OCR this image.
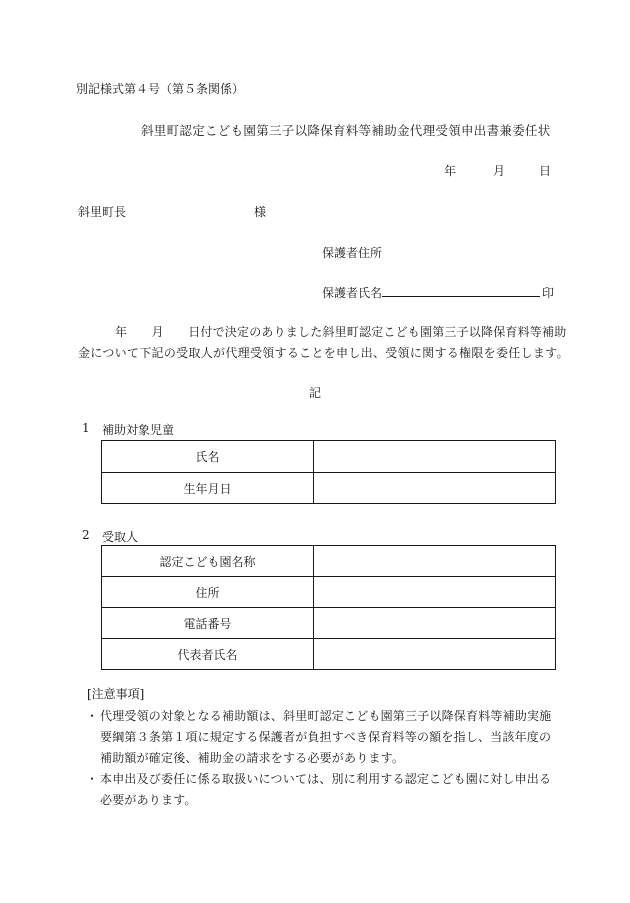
別記様式第４号（第５条関係）
斜里町認定こども園第三子以降保育料等補助金代理受領申出書兼委任状
年	月	日
斜里町長	様
保護者住所
保護者氏名	印
年　　月　　日付で決定のありました斜里町認定こども園第三子以降保育料等補助
金について下記の受取人が代理受領することを申し出、受領に関する権限を委任します。
記
1 補助対象児童
氏名	
生年月日	
2 受取人
認定こども園名称	
住所	
電話番号	
代表者氏名	
[注意事項]
・ 代理受領の対象となる補助額は、斜里町認定こども園第三子以降保育料等補助実施要綱第３条第１項に規定する保護者が負担すべき保育料等の額を指し、当該年度の補助額が確定後、補助金の請求をする必要があります。
・ 本申出及び委任に係る取扱いについては、別に利用する認定こども園に対し申出る必要があります。
